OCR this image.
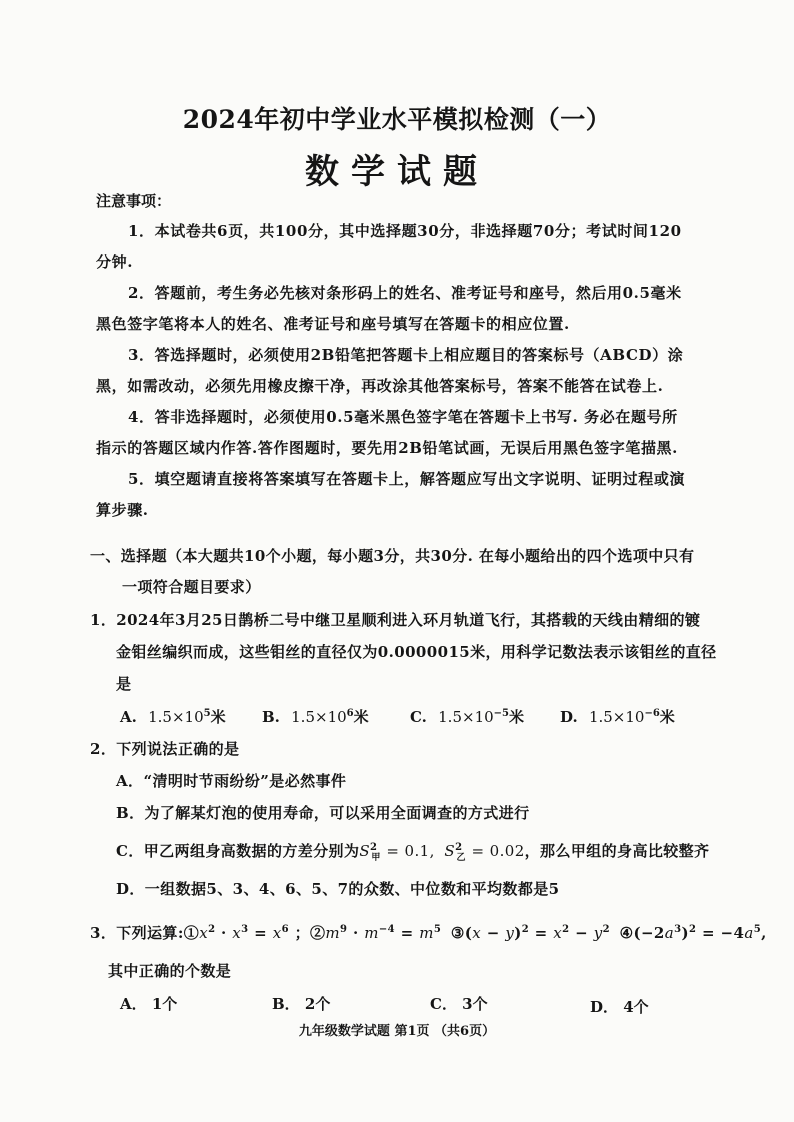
2024年初中学业水平模拟检测（一）
数学试题
注意事项：
1．本试卷共6页，共100分，其中选择题30分，非选择题70分；考试时间120
分钟.
2．答题前，考生务必先核对条形码上的姓名、准考证号和座号，然后用0.5毫米
黑色签字笔将本人的姓名、准考证号和座号填写在答题卡的相应位置.
3．答选择题时，必须使用2B铅笔把答题卡上相应题目的答案标号（ABCD）涂
黑，如需改动，必须先用橡皮擦干净，再改涂其他答案标号，答案不能答在试卷上.
4．答非选择题时，必须使用0.5毫米黑色签字笔在答题卡上书写. 务必在题号所
指示的答题区域内作答.答作图题时，要先用2B铅笔试画，无误后用黑色签字笔描黑.
5．填空题请直接将答案填写在答题卡上，解答题应写出文字说明、证明过程或演
算步骤.
一、选择题（本大题共10个小题，每小题3分，共30分. 在每小题给出的四个选项中只有
一项符合题目要求）
1．2024年3月25日鹊桥二号中继卫星顺利进入环月轨道飞行，其搭载的天线由精细的镀
金钼丝编织而成，这些钼丝的直径仅为0.0000015米，用科学记数法表示该钼丝的直径
是
A. $1.5\times 10^5$米 B. $1.5\times 10^6$米	C. $1.5\times 10^{-5}$米 D. $1.5\times 10^{-6}$米
2．下列说法正确的是
A．“清明时节雨纷纷”是必然事件
B．为了解某灯泡的使用寿命，可以采用全面调查的方式进行
C．甲乙两组身高数据的方差分别为$S^2_甲 = 0.1$, $S^2_乙 = 0.02$，那么甲组的身高比较整齐
D．一组数据5、3、4、6、5、7的众数、中位数和平均数都是5
3．下列运算$:①x^2 \cdot x^3 = x^6$ ；$②m^9 \cdot m^{-4} = m^5$ ③(x − $y)^2 = x^2 - y^2$ $④(-2a^3)^2 = -4a^5$,
其中正确的个数是
A． 1个	B． 2个	C． 3个	D． 4个
九年级数学试题 第1页 （共6页）
